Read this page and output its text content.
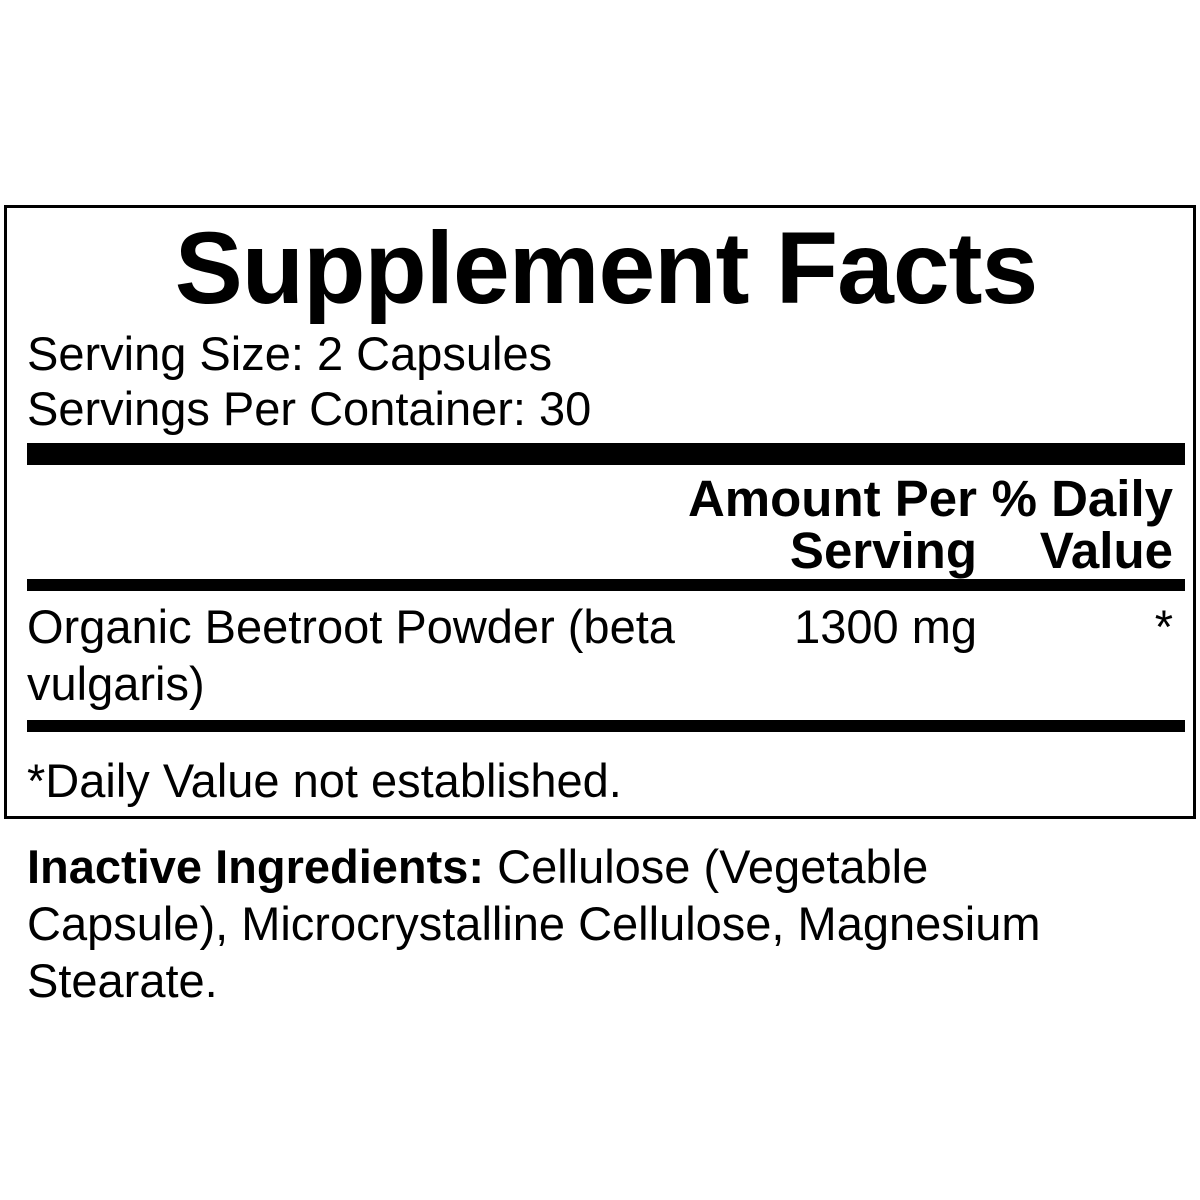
Supplement Facts
Serving Size: 2 Capsules
Servings Per Container: 30
Amount Per
Serving
% Daily
Value
Organic Beetroot Powder (beta vulgaris)
1300 mg	*
*Daily Value not established.

Inactive Ingredients: Cellulose (Vegetable Capsule), Microcrystalline Cellulose, Magnesium Stearate.
